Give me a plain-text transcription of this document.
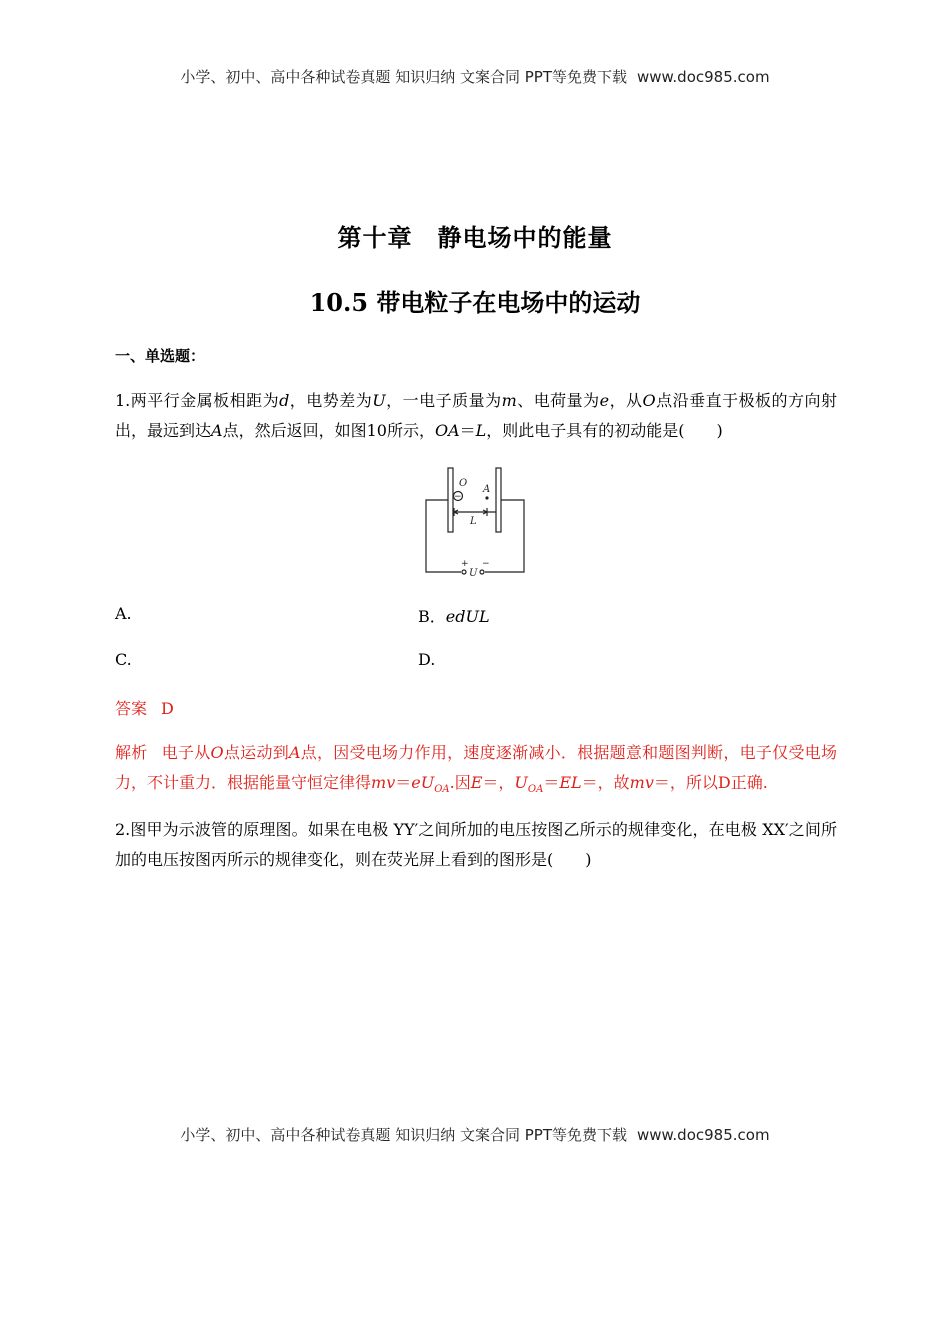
小学、初中、高中各种试卷真题 知识归纳 文案合同 PPT等免费下载 www.doc985.com
第十章　静电场中的能量
10.5 带电粒子在电场中的运动
一、单选题：
1.两平行金属板相距为d，电势差为U，一电子质量为m、电荷量为e，从O点沿垂直于极板的方向射出，最远到达A点，然后返回，如图10所示，OA＝L，则此电子具有的初动能是(　　)
O
A
L
U
−
+ −
A.	B．edUL
C.	D.
答案 D
解析 电子从O点运动到A点，因受电场力作用，速度逐渐减小．根据题意和题图判断，电子仅受电场力，不计重力．根据能量守恒定律得$mv=eU_{OA}$.因E＝，$U_{OA}=EL=$，故mv＝，所以D正确.
2.图甲为示波管的原理图。如果在电极 YY′之间所加的电压按图乙所示的规律变化，在电极 XX′之间所加的电压按图丙所示的规律变化，则在荧光屏上看到的图形是(　　)
小学、初中、高中各种试卷真题 知识归纳 文案合同 PPT等免费下载 www.doc985.com
